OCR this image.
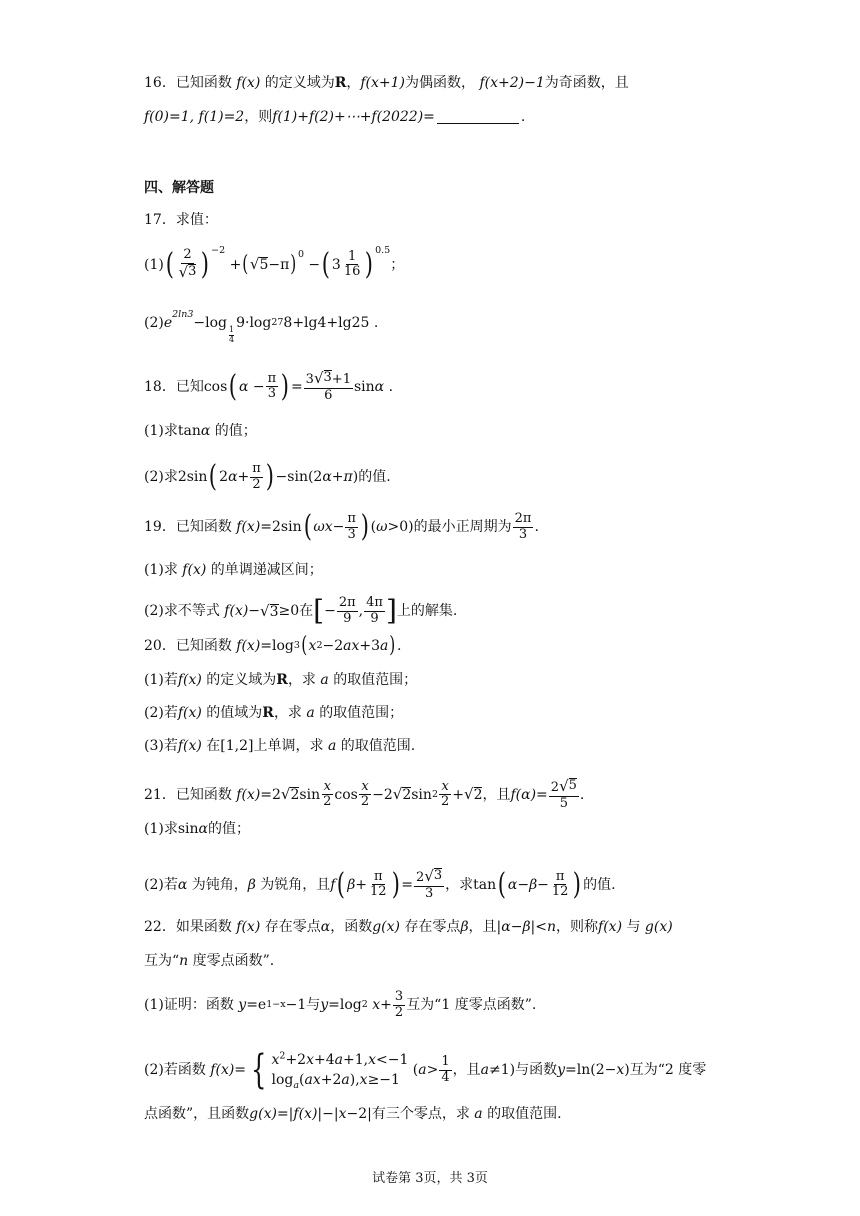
16． 已知函数 f(x) 的定义域为 R ， f(x+1) 为偶函数， f(x+2)−1 为奇函数，且
f(0)=1, f(1)=2 ，则 f(1)+f(2)+⋯+f(2022)=	.
四、解答题
17． 求值：
(1) ( $\frac{2}{√ 3} )^{-2}$
+ ( √ 5 −π )$^0$
− ( $3 \frac{1}{16} )^{0.5}$
；
(2) $e^{2ln3}$
−log 1
4
9·log 27 8+lg4+lg25
.
18． 已知 cos ( $\alpha - \frac{\pi}{3}$ ) = $\frac{3 √ 3 +1}{6}$ sin α
.
(1)求 tan α
的值；
(2)求 2sin ( 2 $\alpha + \frac{\pi}{2}$ ) −sin(2 α + π ) 的值.
19． 已知函数 f(x) =2sin ( $\omega x - \frac{\pi}{3}$ ) ( ω >0) 的最小正周期为 $\frac{2\pi}{3}$ .
(1)求 f(x) 的单调递减区间；
(2)求不等式 f(x) − √ 3 ≥0 在 [ − $\frac{2\pi}{9}$ , $\frac{4\pi}{9}$ ] 上的解集.
20． 已知函数 f(x) =log 3 ( x 2 −2 ax +3 a ) .
(1)若 f(x) 的定义域为 R ，求 a 的取值范围；
(2)若 f(x) 的值域为 R ，求 a 的取值范围；
(3)若 f(x) 在 [1,2] 上单调，求 a 的取值范围.
21． 已知函数 f(x) =2 √ 2 $\sin \frac{x}{2}$ $\cos \frac{x}{2} -2$ √ 2 $\sin 2 \frac{x}{2}$ + √ 2 ，且 $f(\alpha) = \frac{2 √ 5}{5}$ .
(1)求 sin α 的值；
(2)若 α 为钝角， β 为锐角，且 f ( $\beta + \frac{\pi}{12}$ ) = $\frac{2 √ 3}{3}$ ，求 tan ( $\alpha - \beta - \frac{\pi}{12}$ ) 的值.
22． 如果函数 f(x) 存在零点 α ，函数 g(x) 存在零点 β ，且 | α − β |< n ，则称 f(x) 与 g(x)
互为“ n 度零点函数”.
(1)证明：函数 y =e 1−x −1 与 y =log 2 $x + \frac{3}{2}$ 互为“1 度零点函数”.
(2)若函数 f(x) = { $x^2+2x+4a+1,x<-1$
$\log_a(ax+2a),x\ge-1$
( $a > \frac{1}{4}$ ，且 a ≠1 )与函数 y =ln(2− x ) 互为“2 度零
点函数”，且函数 g(x) =| f(x) |−| x −2| 有三个零点，求 a 的取值范围.
试卷第 3页，共 3页
